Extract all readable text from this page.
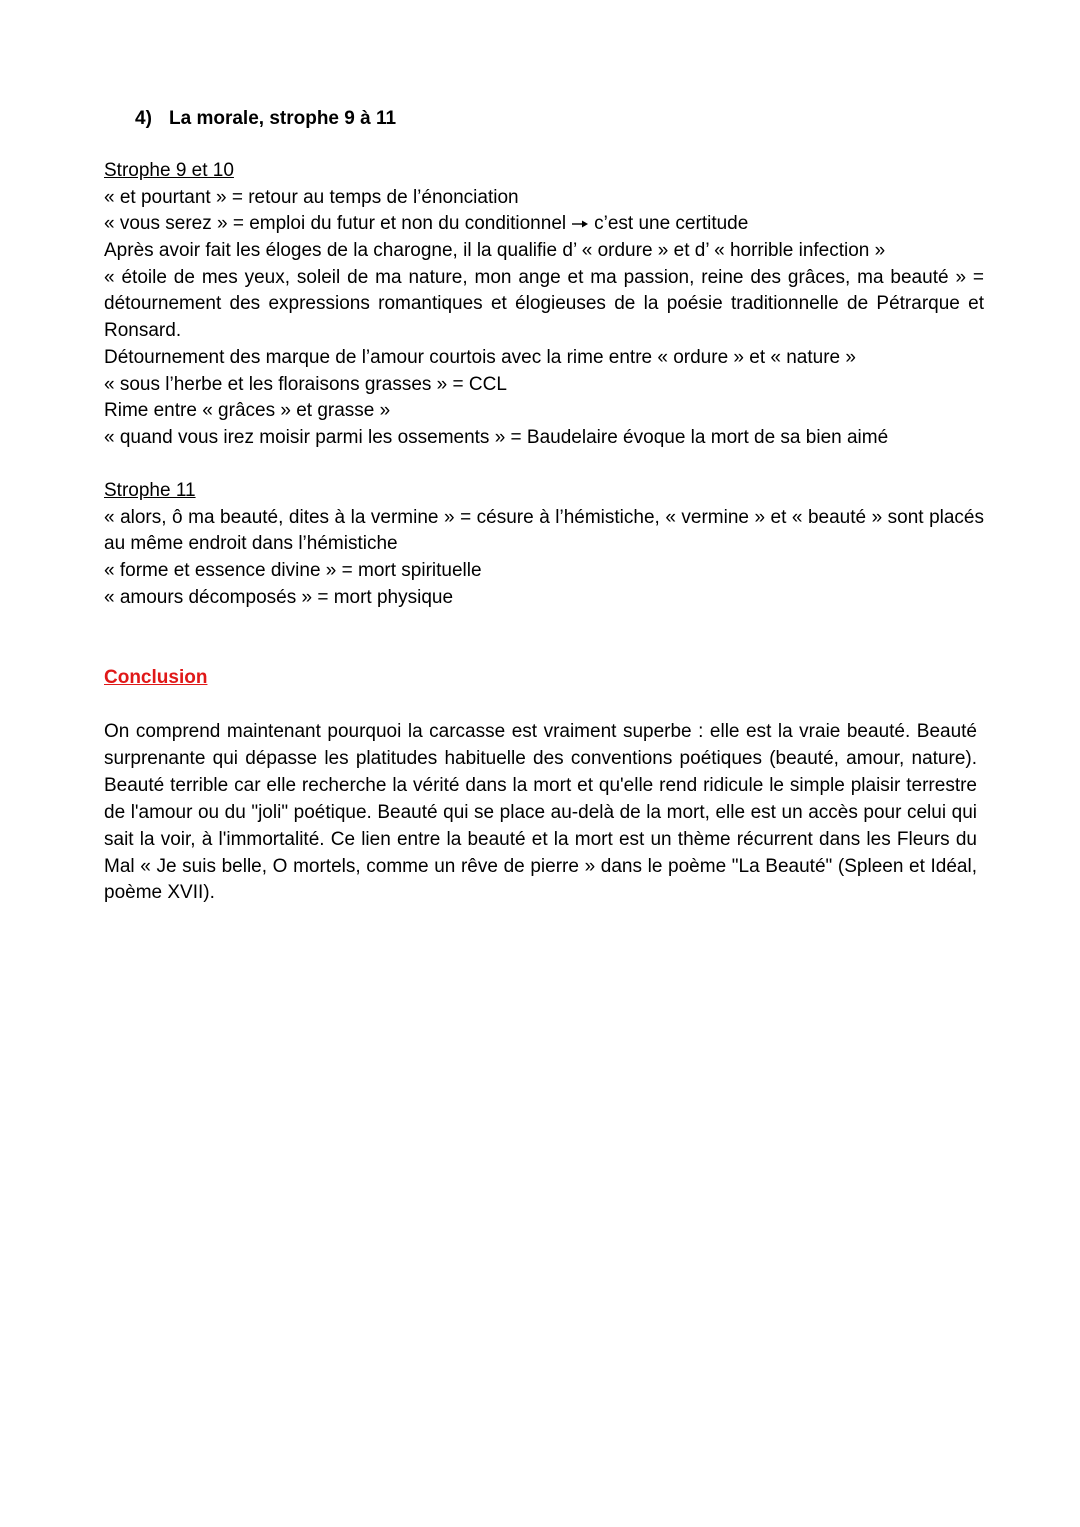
4) La morale, strophe 9 à 11
Strophe 9 et 10
« et pourtant » = retour au temps de l’énonciation
« vous serez » = emploi du futur et non du conditionnel c’est une certitude
Après avoir fait les éloges de la charogne, il la qualifie d’ « ordure » et d’ « horrible infection »
« étoile de mes yeux, soleil de ma nature, mon ange et ma passion, reine des grâces, ma beauté » = détournement des expressions romantiques et élogieuses de la poésie traditionnelle de Pétrarque et Ronsard.
Détournement des marque de l’amour courtois avec la rime entre « ordure » et « nature »
« sous l’herbe et les floraisons grasses » = CCL
Rime entre « grâces » et grasse »
« quand vous irez moisir parmi les ossements » = Baudelaire évoque la mort de sa bien aimé
Strophe 11
« alors, ô ma beauté, dites à la vermine » = césure à l’hémistiche, « vermine » et « beauté » sont placés au même endroit dans l’hémistiche
« forme et essence divine » = mort spirituelle
« amours décomposés » = mort physique
Conclusion
On comprend maintenant pourquoi la carcasse est vraiment superbe : elle est la vraie beauté. Beauté surprenante qui dépasse les platitudes habituelle des conventions poétiques (beauté, amour, nature). Beauté terrible car elle recherche la vérité dans la mort et qu'elle rend ridicule le simple plaisir terrestre de l'amour ou du "joli" poétique. Beauté qui se place au-delà de la mort, elle est un accès pour celui qui sait la voir, à l'immortalité. Ce lien entre la beauté et la mort est un thème récurrent dans les Fleurs du Mal « Je suis belle, O mortels, comme un rêve de pierre » dans le poème "La Beauté" (Spleen et Idéal, poème XVII).
